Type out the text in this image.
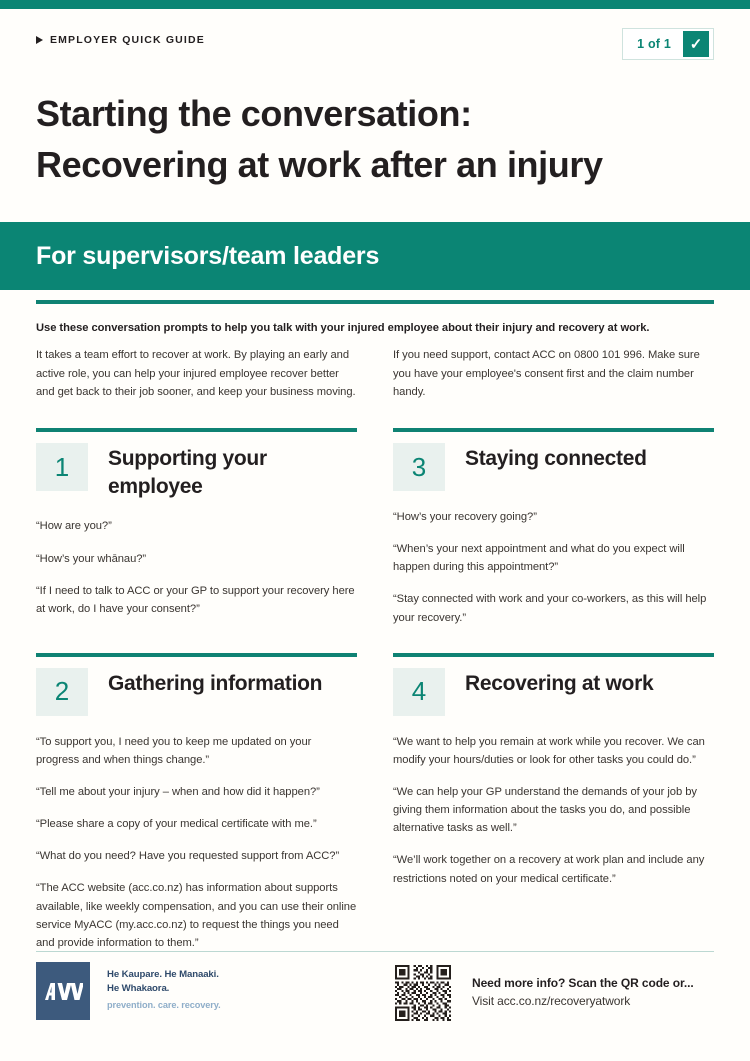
EMPLOYER QUICK GUIDE	1 of 1	✓
Starting the conversation:
Recovering at work after an injury
For supervisors/team leaders
Use these conversation prompts to help you talk with your injured employee about their injury and recovery at work.

It takes a team effort to recover at work. By playing an early and active role, you can help your injured employee recover better and get back to their job sooner, and keep your business moving.

If you need support, contact ACC on 0800 101 996. Make sure you have your employee's consent first and the claim number handy.

1	Supporting your employee

“How are you?”

“How’s your whānau?”

“If I need to talk to ACC or your GP to support your recovery here at work, do I have your consent?”

3	Staying connected

“How’s your recovery going?”

“When’s your next appointment and what do you expect will happen during this appointment?”

“Stay connected with work and your co-workers, as this will help your recovery.”

2	Gathering information

“To support you, I need you to keep me updated on your progress and when things change.”

“Tell me about your injury – when and how did it happen?”

“Please share a copy of your medical certificate with me.”

“What do you need? Have you requested support from ACC?”

“The ACC website (acc.co.nz) has information about supports available, like weekly compensation, and you can use their online service MyACC (my.acc.co.nz) to request the things you need and provide information to them.”

4	Recovering at work

“We want to help you remain at work while you recover. We can modify your hours/duties or look for other tasks you could do.”

“We can help your GP understand the demands of your job by giving them information about the tasks you do, and possible alternative tasks as well.”

“We’ll work together on a recovery at work plan and include any restrictions noted on your medical certificate.”

He Kaupare. He Manaaki.
He Whakaora.
prevention. care. recovery.
Need more info? Scan the QR code or...
Visit acc.co.nz/recoveryatwork
